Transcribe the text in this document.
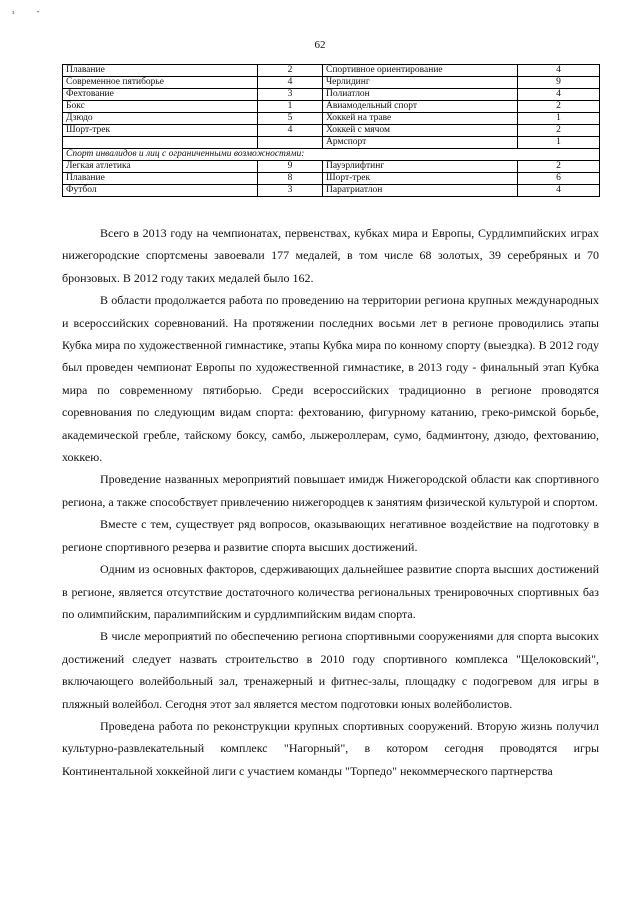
з	•
62
Плавание	2	Спортивное ориентирование	4
Современное пятиборье	4	Черлидинг	9
Фехтование	3	Полиатлон	4
Бокс	1	Авиамодельный спорт	2
Дзюдо	5	Хоккей на траве	1
Шорт-трек	4	Хоккей с мячом	2
		Армспорт	1
Спорт инвалидов и лиц с ограниченными возможностями:			
Легкая атлетика	9	Пауэрлифтинг	2
Плавание	8	Шорт-трек	6
Футбол	3	Паратриатлон	4

Всего в 2013 году на чемпионатах, первенствах, кубках мира и Европы, Сурдлимпийских играх нижегородские спортсмены завоевали 177 медалей, в том числе 68 золотых, 39 серебряных и 70 бронзовых. В 2012 году таких медалей было 162.

В области продолжается работа по проведению на территории региона крупных международных и всероссийских соревнований. На протяжении последних восьми лет в регионе проводились этапы Кубка мира по художественной гимнастике, этапы Кубка мира по конному спорту (выездка). В 2012 году был проведен чемпионат Европы по художественной гимнастике, в 2013 году - финальный этап Кубка мира по современному пятиборью. Среди всероссийских традиционно в регионе проводятся соревнования по следующим видам спорта: фехтованию, фигурному катанию, греко-римской борьбе, академической гребле, тайскому боксу, самбо, лыжероллерам, сумо, бадминтону, дзюдо, фехтованию, хоккею.

Проведение названных мероприятий повышает имидж Нижегородской области как спортивного региона, а также способствует привлечению нижегородцев к занятиям физической культурой и спортом.

Вместе с тем, существует ряд вопросов, оказывающих негативное воздействие на подготовку в регионе спортивного резерва и развитие спорта высших достижений.

Одним из основных факторов, сдерживающих дальнейшее развитие спорта высших достижений в регионе, является отсутствие достаточного количества региональных тренировочных спортивных баз по олимпийским, паралимпийским и сурдлимпийским видам спорта.

В числе мероприятий по обеспечению региона спортивными сооружениями для спорта высоких достижений следует назвать строительство в 2010 году спортивного комплекса "Щелоковский", включающего волейбольный зал, тренажерный и фитнес-залы, площадку с подогревом для игры в пляжный волейбол. Сегодня этот зал является местом подготовки юных волейболистов.

Проведена работа по реконструкции крупных спортивных сооружений. Вторую жизнь получил культурно-развлекательный комплекс "Нагорный", в котором сегодня проводятся игры Континентальной хоккейной лиги с участием команды "Торпедо" некоммерческого партнерства
